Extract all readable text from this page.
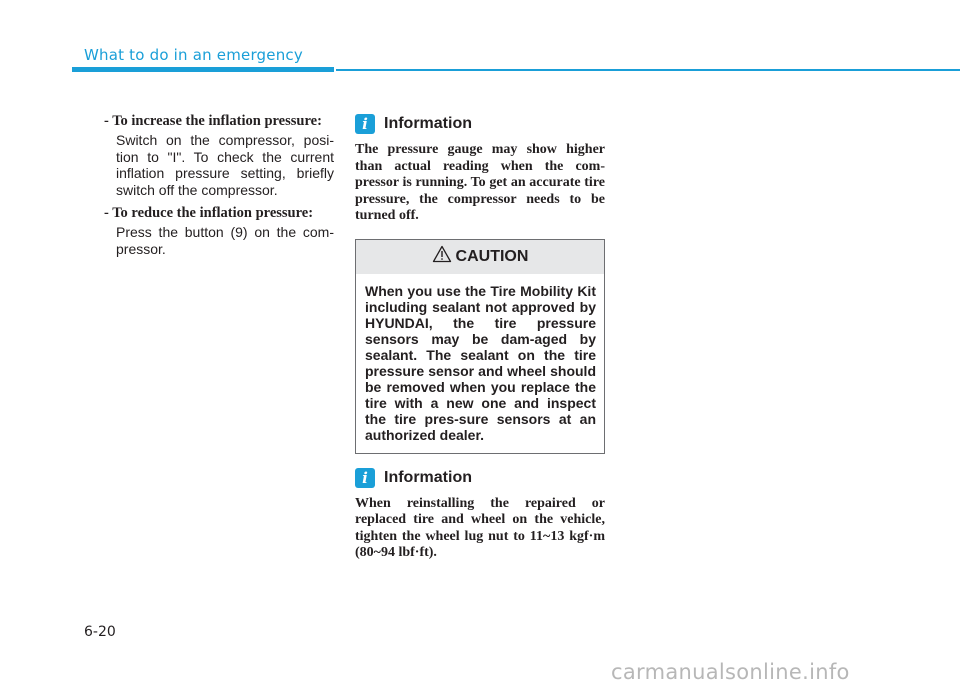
What to do in an emergency

- To increase the inflation pressure:

Switch on the compressor, posi-tion to "I". To check the current inflation pressure setting, briefly switch off the compressor.

- To reduce the inflation pressure:

Press the button (9) on the com-pressor.

i	Information

The pressure gauge may show higher than actual reading when the com-pressor is running. To get an accurate tire pressure, the compressor needs to be turned off.

CAUTION

When you use the Tire Mobility Kit including sealant not approved by HYUNDAI, the tire pressure sensors may be dam-aged by sealant. The sealant on the tire pressure sensor and wheel should be removed when you replace the tire with a new one and inspect the tire pres-sure sensors at an authorized dealer.

i	Information

When reinstalling the repaired or replaced tire and wheel on the vehicle, tighten the wheel lug nut to 11~13 kgf·m (80~94 lbf·ft).

6-20
carmanualsonline.info
